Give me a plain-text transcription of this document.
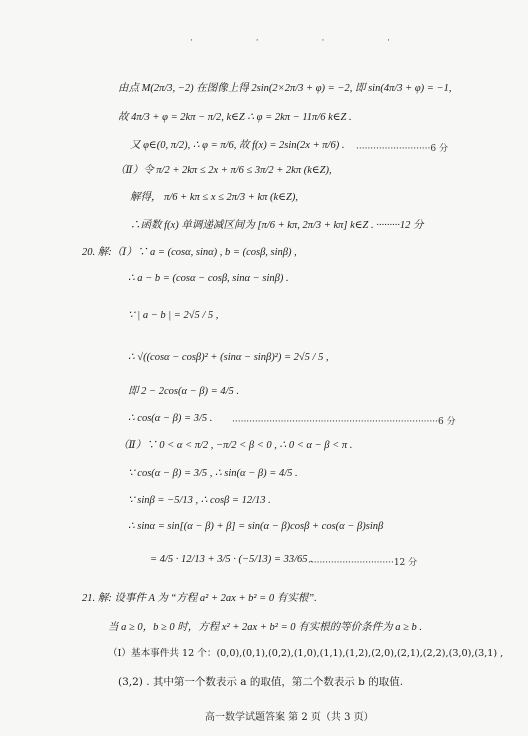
· · · ·
由点 M(2π/3, −2) 在图像上得 2sin(2×2π/3 + φ) = −2, 即 sin(4π/3 + φ) = −1,
故 4π/3 + φ = 2kπ − π/2, k∈Z ∴ φ = 2kπ − 11π/6 k∈Z .
又 φ∈(0, π/2), ∴ φ = π/6, 故 f(x) = 2sin(2x + π/6) . ··························6 分
（Ⅱ）令 π/2 + 2kπ ≤ 2x + π/6 ≤ 3π/2 + 2kπ (k∈Z),
解得， π/6 + kπ ≤ x ≤ 2π/3 + kπ (k∈Z),
∴函数 f(x) 单调递减区间为 [π/6 + kπ, 2π/3 + kπ] k∈Z . ·········12 分
20. 解:（Ⅰ）∵ a = (cosα, sinα) , b = (cosβ, sinβ) ,
∴ a − b = (cosα − cosβ, sinα − sinβ) .
∵ | a − b | = 2√5 / 5 ,
∴ √((cosα − cosβ)² + (sinα − sinβ)²) = 2√5 / 5 ,
即 2 − 2cos(α − β) = 4/5 .
∴ cos(α − β) = 3/5 . ········································································6 分
（Ⅱ）∵ 0 < α < π/2 , −π/2 < β < 0 , ∴ 0 < α − β < π .
∵ cos(α − β) = 3/5 , ∴ sin(α − β) = 4/5 .
∵ sinβ = −5/13 , ∴ cosβ = 12/13 .
∴ sinα = sin[(α − β) + β] = sin(α − β)cosβ + cos(α − β)sinβ
= 4/5 · 12/13 + 3/5 · (−5/13) = 33/65 .
······························12 分
21. 解: 设事件 A 为 “方程 a² + 2ax + b² = 0 有实根”.
当 a ≥ 0，b ≥ 0 时，方程 x² + 2ax + b² = 0 有实根的等价条件为 a ≥ b .
（Ⅰ）基本事件共 12 个：(0,0),(0,1),(0,2),(1,0),(1,1),(1,2),(2,0),(2,1),(2,2),(3,0),(3,1) ,
(3,2) . 其中第一个数表示 a 的取值，第二个数表示 b 的取值.
高一数学试题答案 第 2 页（共 3 页）
